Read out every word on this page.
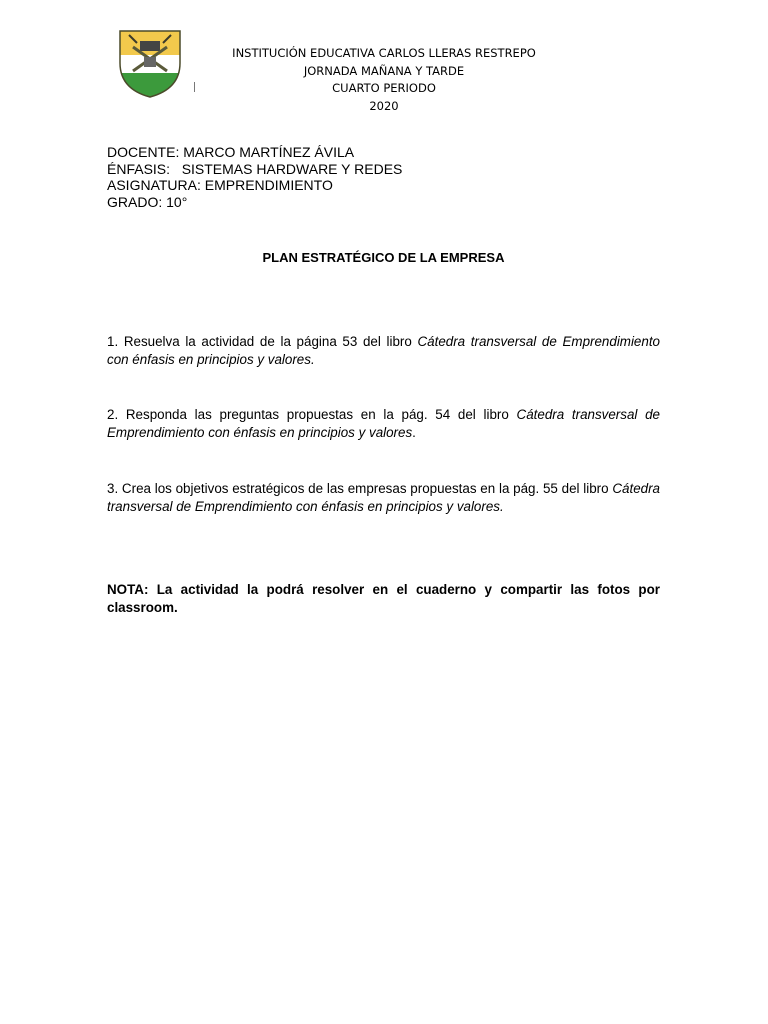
INSTITUCIÓN EDUCATIVA CARLOS LLERAS RESTREPO
JORNADA MAÑANA Y TARDE
CUARTO PERIODO
2020
DOCENTE: MARCO MARTÍNEZ ÁVILA
ÉNFASIS:   SISTEMAS HARDWARE Y REDES
ASIGNATURA: EMPRENDIMIENTO
GRADO: 10°
PLAN ESTRATÉGICO DE LA EMPRESA
1. Resuelva la actividad de la página 53 del libro Cátedra transversal de Emprendimiento con énfasis en principios y valores.
2. Responda las preguntas propuestas en la pág. 54 del libro Cátedra transversal de Emprendimiento con énfasis en principios y valores.
3. Crea los objetivos estratégicos de las empresas propuestas en la pág. 55 del libro Cátedra transversal de Emprendimiento con énfasis en principios y valores.
NOTA: La actividad la podrá resolver en el cuaderno y compartir las fotos por classroom.
